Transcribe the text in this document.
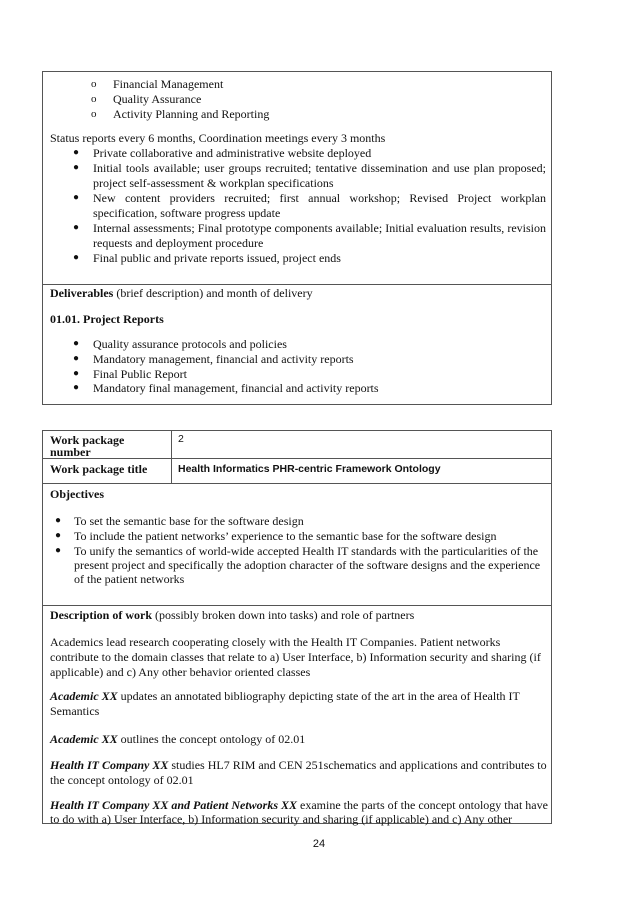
o Financial Management
o Quality Assurance
o Activity Planning and Reporting
Status reports every 6 months, Coordination meetings every 3 months
● Private collaborative and administrative website deployed
● Initial tools available; user groups recruited; tentative dissemination and use plan proposed;
project self-assessment & workplan specifications
● New content providers recruited; first annual workshop; Revised Project workplan
specification, software progress update
● Internal assessments; Final prototype components available; Initial evaluation results, revision
requests and deployment procedure
● Final public and private reports issued, project ends
Deliverables (brief description) and month of delivery
01.01. Project Reports
● Quality assurance protocols and policies
● Mandatory management, financial and activity reports
● Final Public Report
● Mandatory final management, financial and activity reports
Work package
number
2
Work package title	Health Informatics PHR-centric Framework Ontology
Objectives
● To set the semantic base for the software design
● To include the patient networks’ experience to the semantic base for the software design
● To unify the semantics of world-wide accepted Health IT standards with the particularities of the
present project and specifically the adoption character of the software designs and the experience
of the patient networks
Description of work (possibly broken down into tasks) and role of partners
Academics lead research cooperating closely with the Health IT Companies. Patient networks
contribute to the domain classes that relate to a) User Interface, b) Information security and sharing (if
applicable) and c) Any other behavior oriented classes
Academic XX updates an annotated bibliography depicting state of the art in the area of Health IT
Semantics
Academic XX outlines the concept ontology of 02.01
Health IT Company XX studies HL7 RIM and CEN 251schematics and applications and contributes to
the concept ontology of 02.01
Health IT Company XX and Patient Networks XX examine the parts of the concept ontology that have
to do with a) User Interface, b) Information security and sharing (if applicable) and c) Any other
24
